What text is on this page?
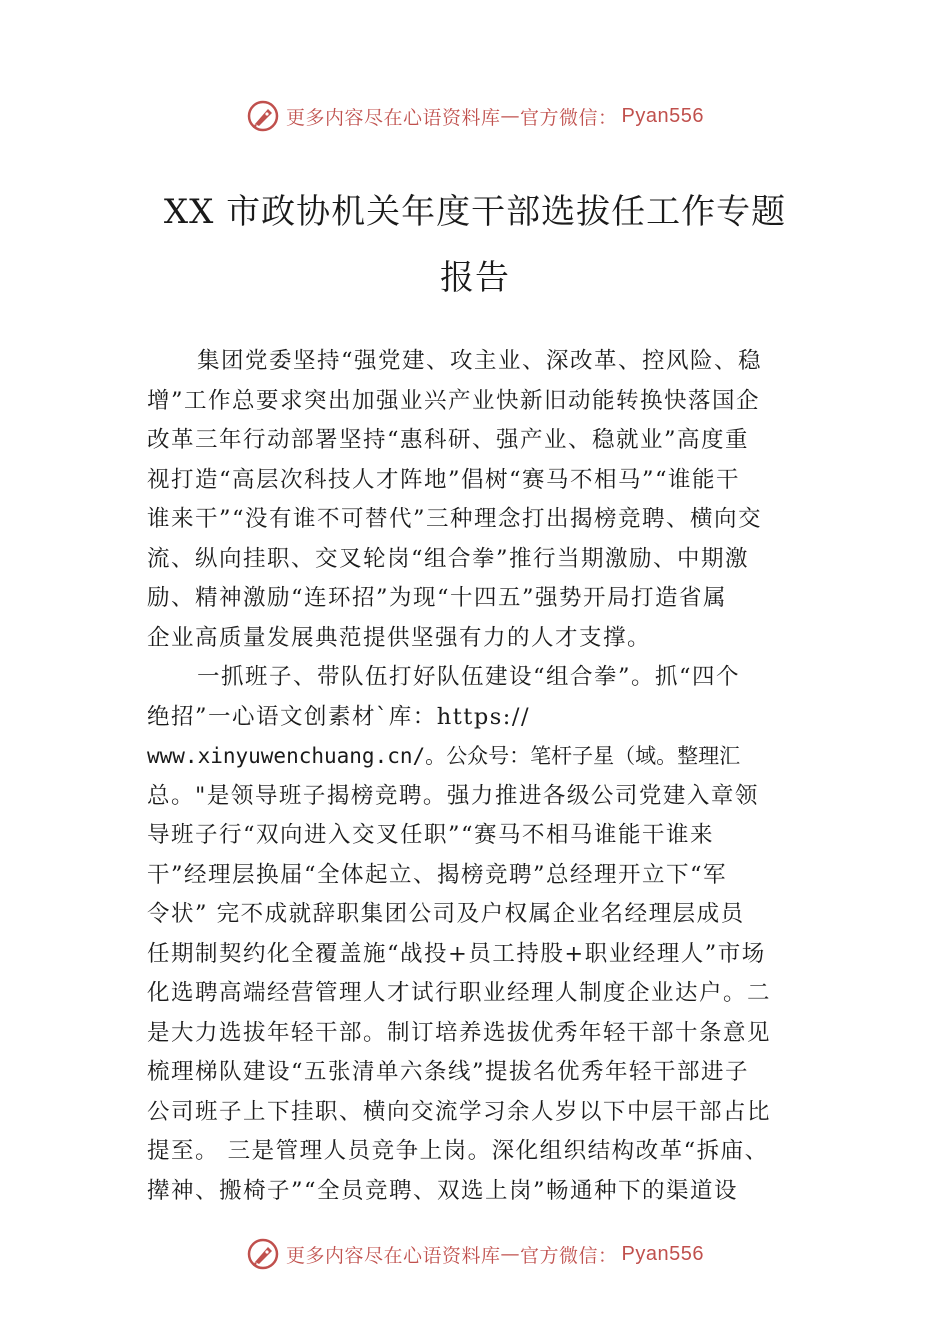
更多内容尽在心语资料库 — 官方微信： Pyan556
XX 市政协机关年度干部选拔任工作专题
报告
集团党委坚持“强党建、攻主业、深改革、控风险、稳
增”工作总要求突出加强业兴产业快新旧动能转换快落国企
改革三年行动部署坚持“惠科研、强产业、稳就业”高度重
视打造“高层次科技人才阵地”倡树“赛马不相马”“谁能干
谁来干”“没有谁不可替代”三种理念打出揭榜竞聘、横向交
流、纵向挂职、交叉轮岗“组合拳”推行当期激励、中期激
励、精神激励“连环招”为现“十四五”强势开局打造省属
企业高质量发展典范提供坚强有力的人才支撑。
一抓班子、带队伍打好队伍建设“组合拳”。抓“四个
绝招”一心语文创素材`库：https://
www.xinyuwenchuang.cn/。公众号：笔杆子星（域。整理汇
总。"是领导班子揭榜竞聘。强力推进各级公司党建入章领
导班子行“双向进入交叉任职”“赛马不相马谁能干谁来
干”经理层换届“全体起立、揭榜竞聘”总经理开立下“军
令状” 完不成就辞职集团公司及户权属企业名经理层成员
任期制契约化全覆盖施“战投+员工持股+职业经理人”市场
化选聘高端经营管理人才试行职业经理人制度企业达户。二
是大力选拔年轻干部。制订培养选拔优秀年轻干部十条意见
梳理梯队建设“五张清单六条线”提拔名优秀年轻干部进子
公司班子上下挂职、横向交流学习余人岁以下中层干部占比
提至。 三是管理人员竞争上岗。深化组织结构改革“拆庙、
撵神、搬椅子”“全员竞聘、双选上岗”畅通种下的渠道设
更多内容尽在心语资料库 — 官方微信： Pyan556
